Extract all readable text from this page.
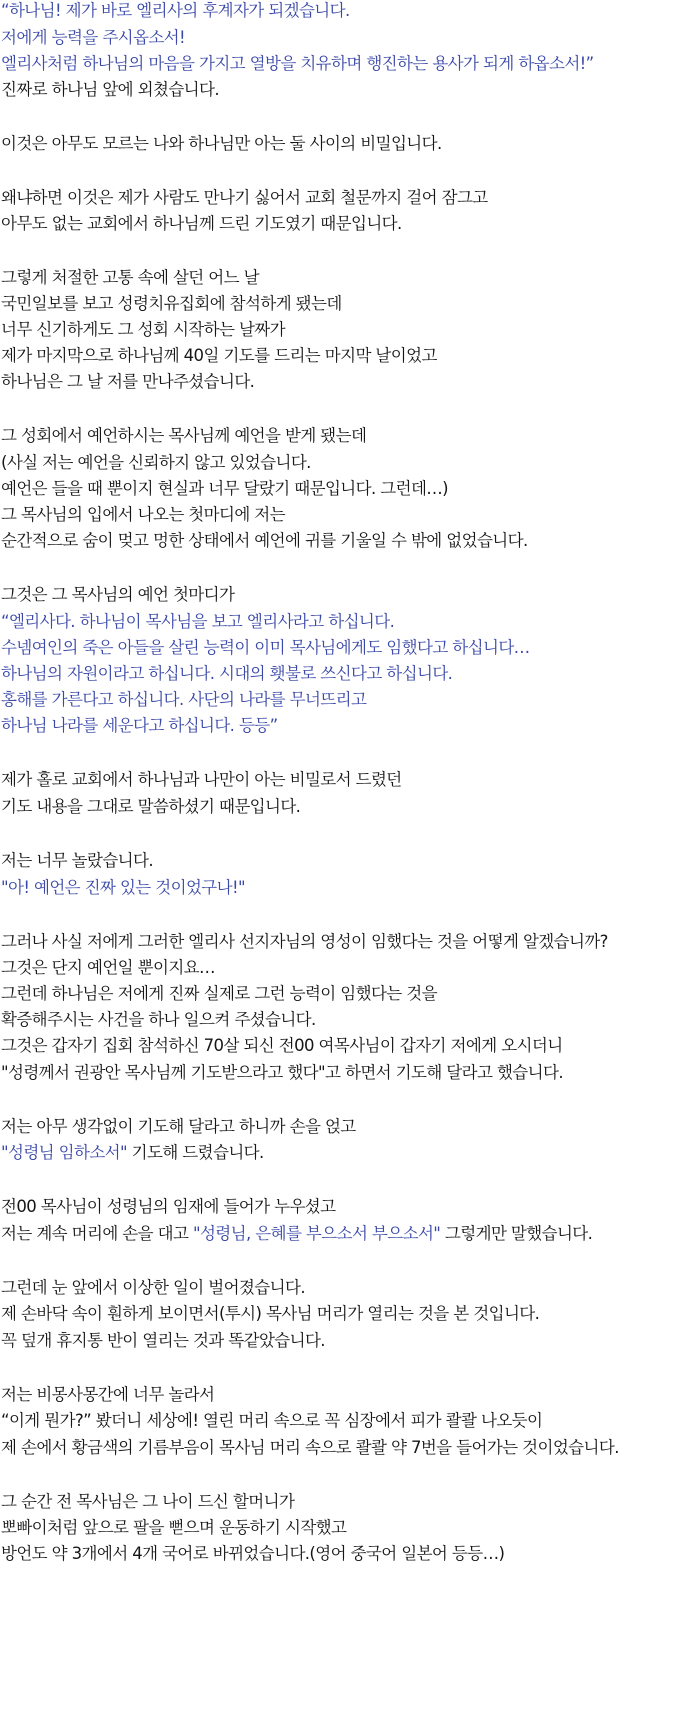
“하나님! 제가 바로 엘리사의 후계자가 되겠습니다.
저에게 능력을 주시옵소서!
엘리사처럼 하나님의 마음을 가지고 열방을 치유하며 행진하는 용사가 되게 하옵소서!”
진짜로 하나님 앞에 외쳤습니다.
이것은 아무도 모르는 나와 하나님만 아는 둘 사이의 비밀입니다.
왜냐하면 이것은 제가 사람도 만나기 싫어서 교회 철문까지 걸어 잠그고
아무도 없는 교회에서 하나님께 드린 기도였기 때문입니다.
그렇게 처절한 고통 속에 살던 어느 날
국민일보를 보고 성령치유집회에 참석하게 됐는데
너무 신기하게도 그 성회 시작하는 날짜가
제가 마지막으로 하나님께 40일 기도를 드리는 마지막 날이었고
하나님은 그 날 저를 만나주셨습니다.
그 성회에서 예언하시는 목사님께 예언을 받게 됐는데
(사실 저는 예언을 신뢰하지 않고 있었습니다.
예언은 들을 때 뿐이지 현실과 너무 달랐기 때문입니다. 그런데…)
그 목사님의 입에서 나오는 첫마디에 저는
순간적으로 숨이 멎고 멍한 상태에서 예언에 귀를 기울일 수 밖에 없었습니다.
그것은 그 목사님의 예언 첫마디가
“엘리사다. 하나님이 목사님을 보고 엘리사라고 하십니다.
수넴여인의 죽은 아들을 살린 능력이 이미 목사님에게도 임했다고 하십니다…
하나님의 자원이라고 하십니다. 시대의 횃불로 쓰신다고 하십니다.
홍해를 가른다고 하십니다. 사단의 나라를 무너뜨리고
하나님 나라를 세운다고 하십니다. 등등”
제가 홀로 교회에서 하나님과 나만이 아는 비밀로서 드렸던
기도 내용을 그대로 말씀하셨기 때문입니다.
저는 너무 놀랐습니다.
"아! 예언은 진짜 있는 것이었구나!"
그러나 사실 저에게 그러한 엘리사 선지자님의 영성이 임했다는 것을 어떻게 알겠습니까?
그것은 단지 예언일 뿐이지요…
그런데 하나님은 저에게 진짜 실제로 그런 능력이 임했다는 것을
확증해주시는 사건을 하나 일으켜 주셨습니다.
그것은 갑자기 집회 참석하신 70살 되신 전00 여목사님이 갑자기 저에게 오시더니
"성령께서 권광안 목사님께 기도받으라고 했다"고 하면서 기도해 달라고 했습니다.
저는 아무 생각없이 기도해 달라고 하니까 손을 얹고
"성령님 임하소서" 기도해 드렸습니다.
전00 목사님이 성령님의 임재에 들어가 누우셨고
저는 계속 머리에 손을 대고 "성령님, 은혜를 부으소서 부으소서" 그렇게만 말했습니다.
그런데 눈 앞에서 이상한 일이 벌어졌습니다.
제 손바닥 속이 훤하게 보이면서(투시) 목사님 머리가 열리는 것을 본 것입니다.
꼭 덮개 휴지통 반이 열리는 것과 똑같았습니다.
저는 비몽사몽간에 너무 놀라서
“이게 뭔가?” 봤더니 세상에! 열린 머리 속으로 꼭 심장에서 피가 콸콸 나오듯이
제 손에서 황금색의 기름부음이 목사님 머리 속으로 콸콸 약 7번을 들어가는 것이었습니다.
그 순간 전 목사님은 그 나이 드신 할머니가
뽀빠이처럼 앞으로 팔을 뻗으며 운동하기 시작했고
방언도 약 3개에서 4개 국어로 바뀌었습니다.(영어 중국어 일본어 등등…)
